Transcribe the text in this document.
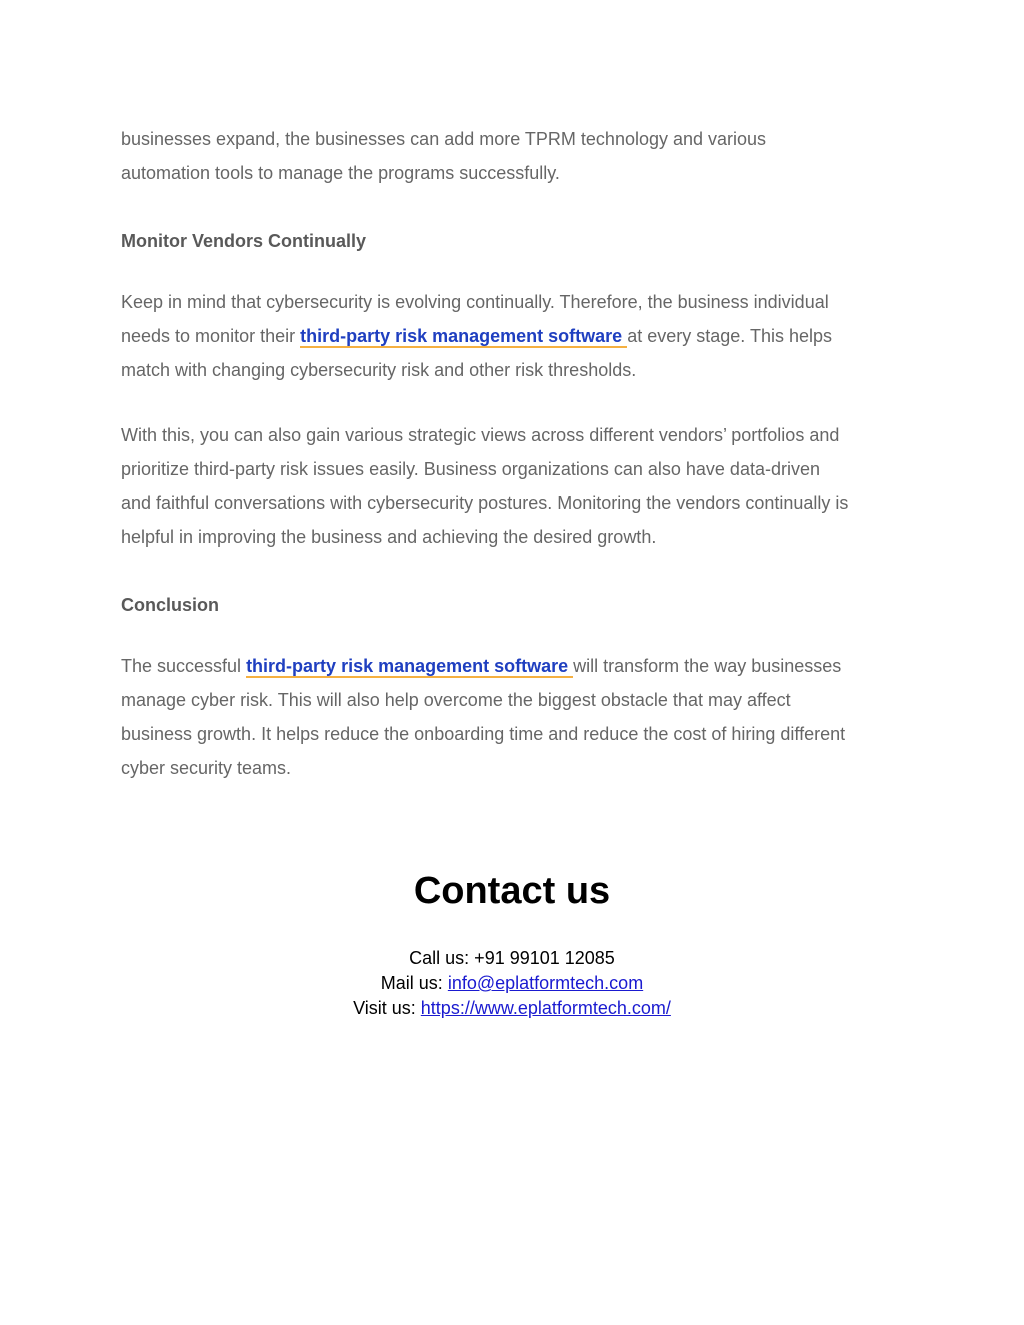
businesses expand, the businesses can add more TPRM technology and various
automation tools to manage the programs successfully.

Monitor Vendors Continually

Keep in mind that cybersecurity is evolving continually. Therefore, the business individual
needs to monitor their third-party risk management software at every stage. This helps
match with changing cybersecurity risk and other risk thresholds.

With this, you can also gain various strategic views across different vendors’ portfolios and
prioritize third-party risk issues easily. Business organizations can also have data-driven
and faithful conversations with cybersecurity postures. Monitoring the vendors continually is
helpful in improving the business and achieving the desired growth.

Conclusion

The successful third-party risk management software will transform the way businesses
manage cyber risk. This will also help overcome the biggest obstacle that may affect
business growth. It helps reduce the onboarding time and reduce the cost of hiring different
cyber security teams.

Contact us
Call us: +91 99101 12085
Mail us: info@eplatformtech.com
Visit us: https://www.eplatformtech.com/
